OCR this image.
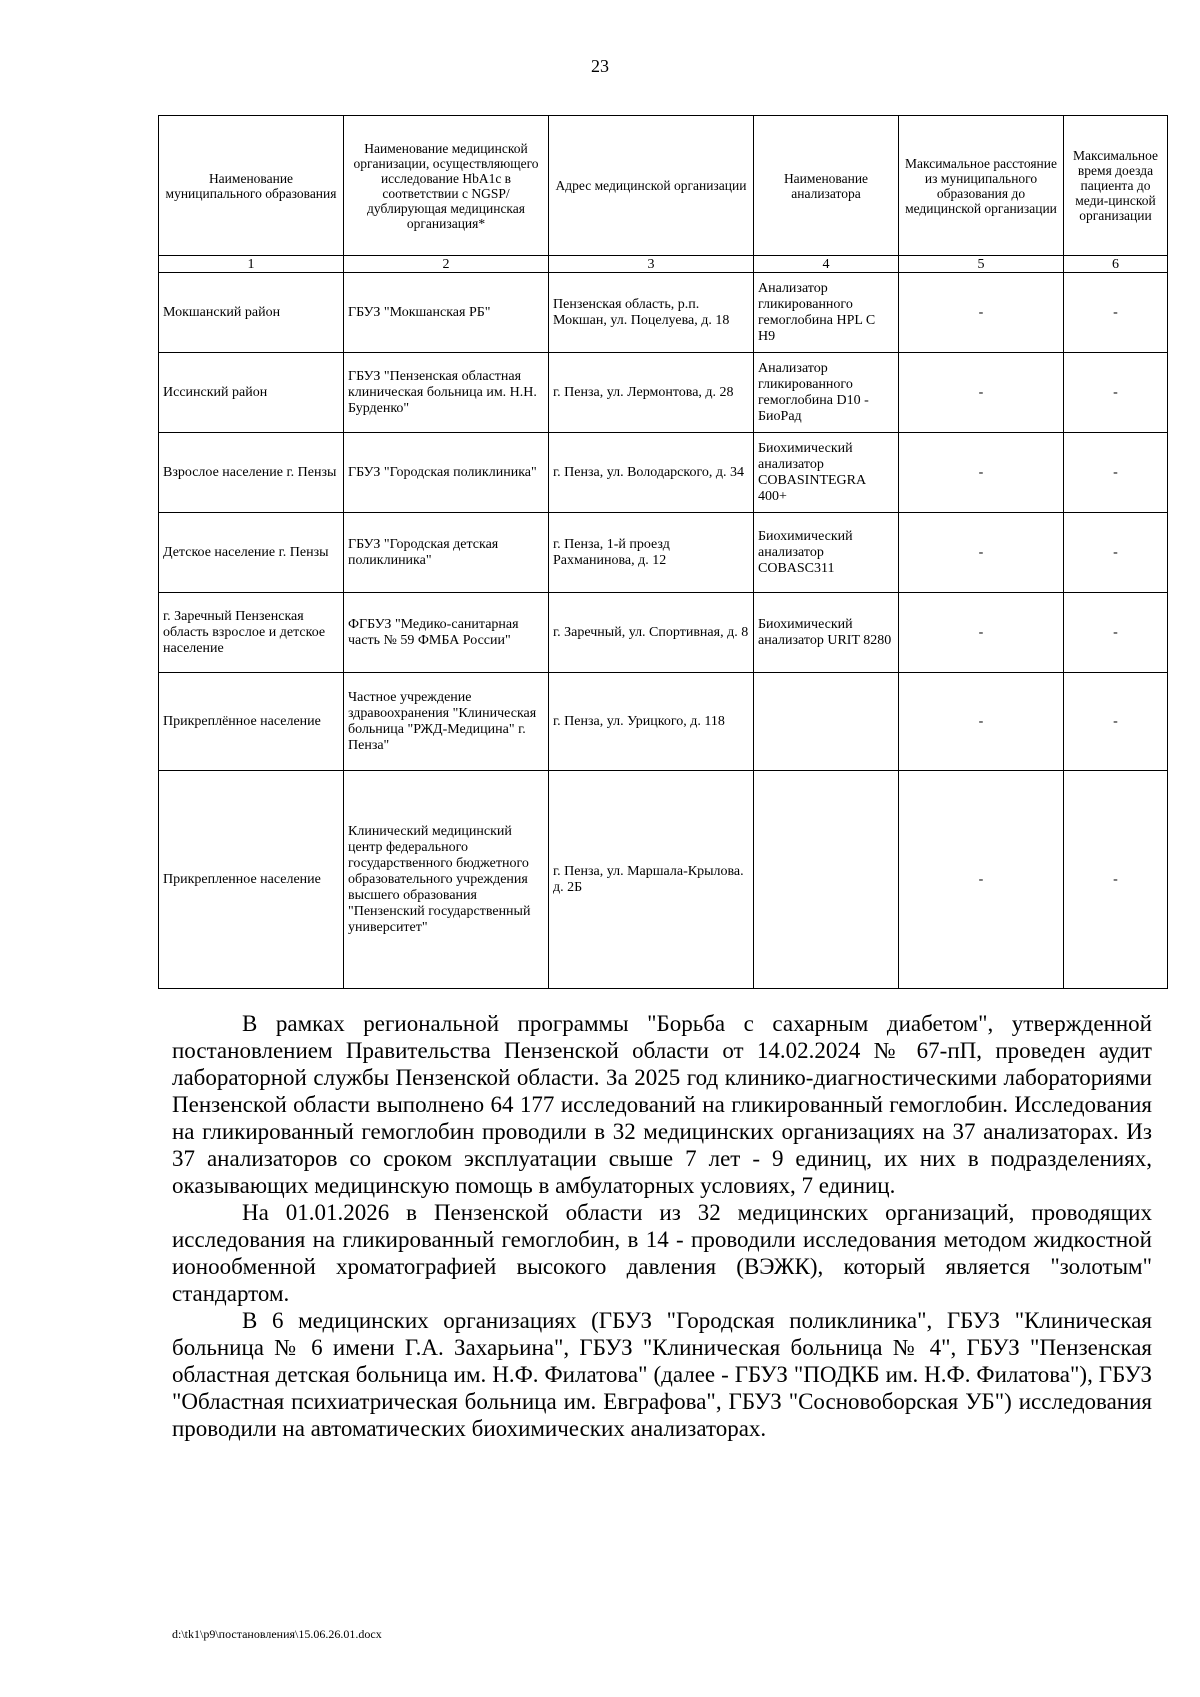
23
Наименование муниципального образования	Наименование медицинской организации, осуществляющего исследование HbA1c в соответствии с NGSP/дублирующая медицинская организация*	Адрес медицинской организации	Наименование анализатора	Максимальное расстояние из муниципального образования до медицинской организации	Максимальное время доезда пациента до меди-цинской организации
1	2	3	4	5	6
Мокшанский район	ГБУЗ "Мокшанская РБ"	Пензенская область, р.п. Мокшан, ул. Поцелуева, д. 18	Анализатор гликированного гемоглобина HPL C H9	-	-
Иссинский район	ГБУЗ "Пензенская областная клиническая больница им. Н.Н. Бурденко"	г. Пенза, ул. Лермонтова, д. 28	Анализатор гликированного гемоглобина D10 - БиоРад	-	-
Взрослое население г. Пензы	ГБУЗ "Городская поликлиника"	г. Пенза, ул. Володарского, д. 34	Биохимический анализатор COBASINTEGRA 400+	-	-
Детское население г. Пензы	ГБУЗ "Городская детская поликлиника"	г. Пенза, 1-й проезд Рахманинова, д. 12	Биохимический анализатор COBASC311	-	-
г. Заречный Пензенская область взрослое и детское население	ФГБУЗ "Медико-санитарная часть № 59 ФМБА России"	г. Заречный, ул. Спортивная, д. 8	Биохимический анализатор URIT 8280	-	-
Прикреплённое население	Частное учреждение здравоохранения "Клиническая больница "РЖД-Медицина" г. Пенза"	г. Пенза, ул. Урицкого, д. 118		-	-
Прикрепленное население	Клинический медицинский центр федерального государственного бюджетного образовательного учреждения высшего образования "Пензенский государственный университет"	г. Пенза, ул. Маршала-Крылова. д. 2Б		-	-

В рамках региональной программы "Борьба с сахарным диабетом", утвержденной постановлением Правительства Пензенской области от 14.02.2024 № 67-пП, проведен аудит лабораторной службы Пензенской области. За 2025 год клинико-диагностическими лабораториями Пензенской области выполнено 64 177 исследований на гликированный гемоглобин. Исследования на гликированный гемоглобин проводили в 32 медицинских организациях на 37 анализаторах. Из 37 анализаторов со сроком эксплуатации свыше 7 лет - 9 единиц, их них в подразделениях, оказывающих медицинскую помощь в амбулаторных условиях, 7 единиц.

На 01.01.2026 в Пензенской области из 32 медицинских организаций, проводящих исследования на гликированный гемоглобин, в 14 - проводили исследования методом жидкостной ионообменной хроматографией высокого давления (ВЭЖК), который является "золотым" стандартом.

В 6 медицинских организациях (ГБУЗ "Городская поликлиника", ГБУЗ "Клиническая больница № 6 имени Г.А. Захарьина", ГБУЗ "Клиническая больница № 4", ГБУЗ "Пензенская областная детская больница им. Н.Ф. Филатова" (далее - ГБУЗ "ПОДКБ им. Н.Ф. Филатова"), ГБУЗ "Областная психиатрическая больница им. Евграфова", ГБУЗ "Сосновоборская УБ") исследования проводили на автоматических биохимических анализаторах.

d:\tk1\p9\постановления\15.06.26.01.docx
